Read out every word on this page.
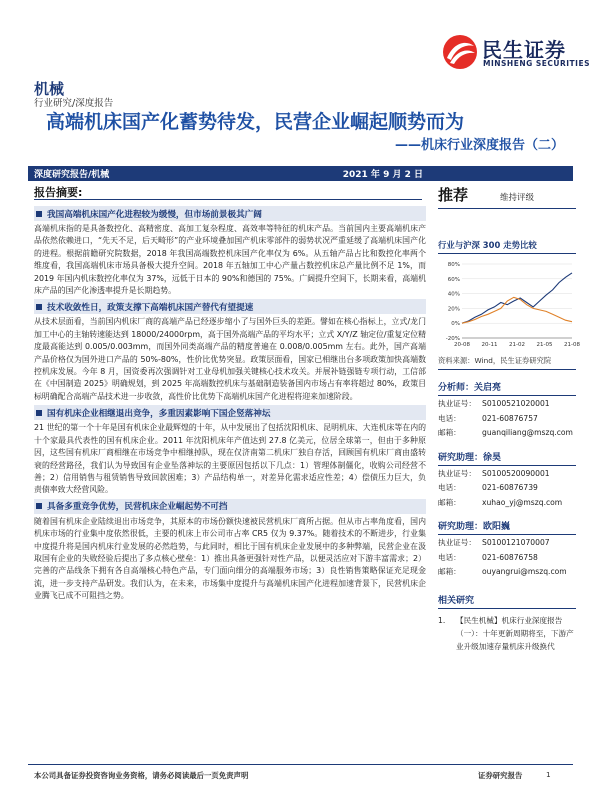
民生证券
MINSHENG SECURITIES
机械
行业研究/深度报告
高端机床国产化蓄势待发，民营企业崛起顺势而为
——机床行业深度报告（二）
深度研究报告/机械	2021 年 9 月 2 日
报告摘要:
我国高端机床国产化进程较为缓慢，但市场前景极其广阔
高端机床指的是具备数控化、高精密度、高加工复杂程度、高效率等特征的机床产品。当前国内主要高端机床产品依然依赖进口，“先天不足，后天畸形”的产业环境叠加国产机床零部件的弱势状况严重延缓了高端机床国产化的进程。根据前瞻研究院数据，2018 年我国高端数控机床国产化率仅为 6%。从五轴产品占比和数控化率两个维度看，我国高端机床市场具备极大提升空间。2018 年五轴加工中心产量占数控机床总产量比例不足 1%，而 2019 年国内机床数控化率仅为 37%，远低于日本的 90%和德国的 75%。广阔提升空间下，长期来看，高端机床产品的国产化渗透率提升是长期趋势。
技术收敛性日，政策支撑下高端机床国产替代有望提速
从技术层面看，当前国内机床厂商的高端产品已经逐步缩小了与国外巨头的差距。譬如在核心指标上，立式/龙门加工中心的主轴转速能达到 18000/24000rpm，高于国外高端产品的平均水平；立式 X/Y/Z 轴定位/重复定位精度最高能达到 0.005/0.003mm，而国外同类高端产品的精度普遍在 0.008/0.005mm 左右。此外，国产高端产品价格仅为国外进口产品的 50%-80%，性价比优势突显。政策层面看，国家已相继出台多项政策加快高端数控机床发展。今年 8 月，国资委再次强调针对工业母机加强关键核心技术攻关。并展补链强链专项行动，工信部在《中国制造 2025》明确规划，到 2025 年高端数控机床与基础制造装备国内市场占有率将超过 80%，政策目标明确配合高端产品技术进一步收敛，高性价比优势下高端机床国产化进程将迎来加速阶段。
国有机床企业相继退出竞争，多重因素影响下国企竖落神坛
21 世纪的第一个十年是国有机床企业最辉煌的十年，从中发展出了包括沈阳机床、昆明机床、大连机床等在内的十个家最具代表性的国有机床企业。2011 年沈阳机床年产值达到 27.8 亿美元，位居全球第一，但由于多种原因，这些国有机床厂商相继在市场竞争中相继掉队，现在仅济南第二机床厂独自存活，回顾国有机床厂商由盛转衰的经营路径，我们认为导致国有企业坠落神坛的主要原因包括以下几点：1）管理体制僵化，收购公司经营不善；2）信用销售与租赁销售导致回款困难；3）产品结构单一，对差异化需求适应性差；4）偿债压力巨大，负责债率致大经营风险。
具备多重竞争优势，民营机床企业崛起势不可挡
随着国有机床企业陆续退出市场竞争，其原本的市场份额快速被民营机床厂商所占据。但从市占率角度看，国内机床市场的行业集中度依然很低，主要的机床上市公司市占率 CR5 仅为 9.37%。随着技术的不断进步，行业集中度提升将是国内机床行业发展的必然趋势，与此同时，相比于国有机床企业发展中的多种弊端，民营企业在汲取国有企业的失败经验后提出了多点核心壁垒：1）推出具备更强针对性产品，以便灵活应对下游丰富需求；2）完善的产品线条下拥有各自高端核心特色产品，专门面向细分的高端服务市场；3）良性销售策略保证充足现金流，进一步支持产品研发。我们认为，在未来，市场集中度提升与高端机床国产化进程加速背景下，民营机床企业腾飞已成不可阻挡之势。
推荐	维持评级
行业与沪深 300 走势比较
80%
60%
40%
20%
0%
-20%
20-08 20-11 21-02 21-05 21-08
资料来源：Wind，民生证券研究院
分析师：关启亮
执业证号： S0100521020001
电话：	021-60876757
邮箱：	guanqiliang@mszq.com
研究助理：徐昊
执业证号： S0100520090001
电话：	021-60876739
邮箱：	xuhao_yj@mszq.com
研究助理：欧阳巍
执业证号： S0100121070007
电话：	021-60876758
邮箱：	ouyangrui@mszq.com
相关研究
1.	【民生机械】机床行业深度报告（一）：十年更新周期将至，下游产业升级加速存量机床升级换代
本公司具备证券投资咨询业务资格，请务必阅读最后一页免责声明	证券研究报告	1
